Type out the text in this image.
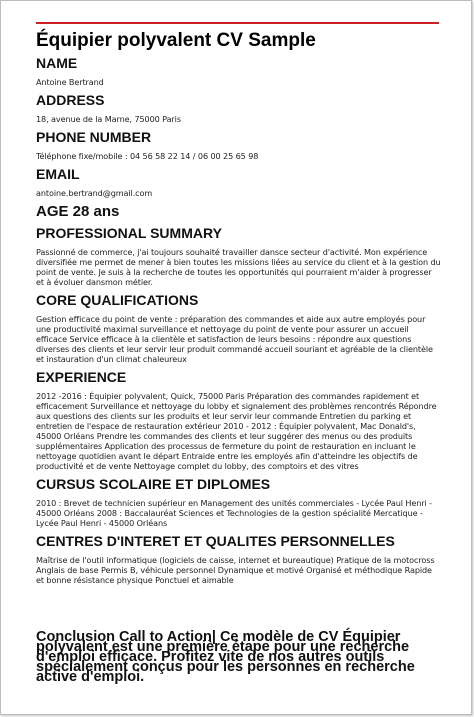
Équipier polyvalent CV Sample
NAME

Antoine Bertrand

ADDRESS

18, avenue de la Marne, 75000 Paris

PHONE NUMBER

Téléphone fixe/mobile : 04 56 58 22 14 / 06 00 25 65 98

EMAIL

antoine.bertrand@gmail.com

AGE 28 ans
PROFESSIONAL SUMMARY

Passionné de commerce, j'ai toujours souhaité travailler dansce secteur d'activité. Mon expérience diversifiée me permet de mener à bien toutes les missions liées au service du client et à la gestion du point de vente. Je suis à la recherche de toutes les opportunités qui pourraient m'aider à progresser et à évoluer dansmon métier.

CORE QUALIFICATIONS

Gestion efficace du point de vente : préparation des commandes et aide aux autre employés pour une productivité maximal surveillance et nettoyage du point de vente pour assurer un accueil efficace Service efficace à la clientèle et satisfaction de leurs besoins : répondre aux questions diverses des clients et leur servir leur produit commandé accueil souriant et agréable de la clientèle et instauration d'un climat chaleureux

EXPERIENCE

2012 -2016 : Équipier polyvalent, Quick, 75000 Paris Préparation des commandes rapidement et efficacement Surveillance et nettoyage du lobby et signalement des problèmes rencontrés Répondre aux questions des clients sur les produits et leur servir leur commande Entretien du parking et entretien de l'espace de restauration extérieur 2010 - 2012 : Équipier polyvalent, Mac Donald's, 45000 Orléans Prendre les commandes des clients et leur suggérer des menus ou des produits supplémentaires Application des processus de fermeture du point de restauration en incluant le nettoyage quotidien avant le départ Entraide entre les employés afin d'atteindre les objectifs de productivité et de vente Nettoyage complet du lobby, des comptoirs et des vitres

CURSUS SCOLAIRE ET DIPLOMES

2010 : Brevet de technicien supérieur en Management des unités commerciales - Lycée Paul Henri - 45000 Orléans 2008 : Baccalauréat Sciences et Technologies de la gestion spécialité Mercatique - Lycée Paul Henri - 45000 Orléans

CENTRES D'INTERET ET QUALITES PERSONNELLES

Maîtrise de l'outil informatique (logiciels de caisse, internet et bureautique) Pratique de la motocross Anglais de base Permis B, véhicule personnel Dynamique et motivé Organisé et méthodique Rapide et bonne résistance physique Ponctuel et aimable

Conclusion Call to Action| Ce modèle de CV Équipier polyvalent est une première étape pour une recherche d'emploi efficace. Profitez vite de nos autres outils spécialement conçus pour les personnes en recherche active d'emploi.
